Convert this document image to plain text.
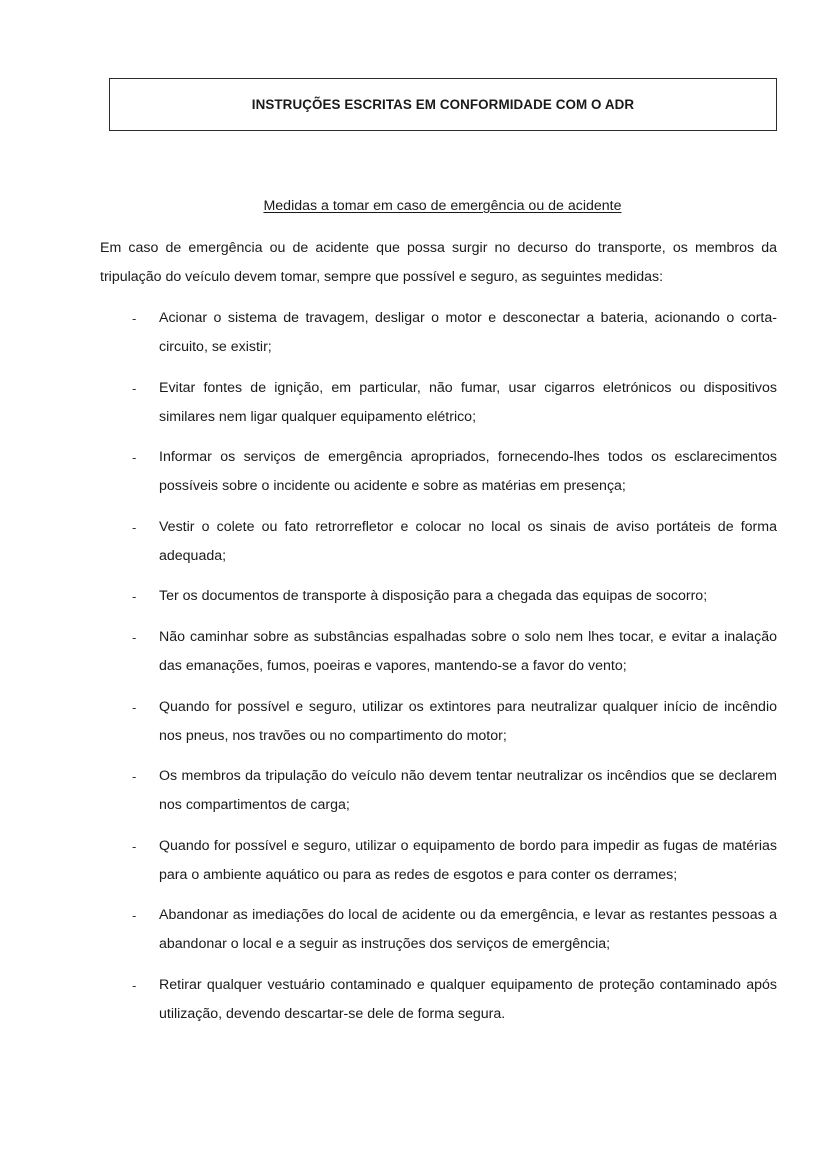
INSTRUÇÕES ESCRITAS EM CONFORMIDADE COM O ADR
Medidas a tomar em caso de emergência ou de acidente

Em caso de emergência ou de acidente que possa surgir no decurso do transporte, os membros da tripulação do veículo devem tomar, sempre que possível e seguro, as seguintes medidas:

- Acionar o sistema de travagem, desligar o motor e desconectar a bateria, acionando o corta-circuito, se existir;
- Evitar fontes de ignição, em particular, não fumar, usar cigarros eletrónicos ou dispositivos similares nem ligar qualquer equipamento elétrico;
- Informar os serviços de emergência apropriados, fornecendo-lhes todos os esclarecimentos possíveis sobre o incidente ou acidente e sobre as matérias em presença;
- Vestir o colete ou fato retrorrefletor e colocar no local os sinais de aviso portáteis de forma adequada;
- Ter os documentos de transporte à disposição para a chegada das equipas de socorro;
- Não caminhar sobre as substâncias espalhadas sobre o solo nem lhes tocar, e evitar a inalação das emanações, fumos, poeiras e vapores, mantendo-se a favor do vento;
- Quando for possível e seguro, utilizar os extintores para neutralizar qualquer início de incêndio nos pneus, nos travões ou no compartimento do motor;
- Os membros da tripulação do veículo não devem tentar neutralizar os incêndios que se declarem nos compartimentos de carga;
- Quando for possível e seguro, utilizar o equipamento de bordo para impedir as fugas de matérias para o ambiente aquático ou para as redes de esgotos e para conter os derrames;
- Abandonar as imediações do local de acidente ou da emergência, e levar as restantes pessoas a abandonar o local e a seguir as instruções dos serviços de emergência;
- Retirar qualquer vestuário contaminado e qualquer equipamento de proteção contaminado após utilização, devendo descartar-se dele de forma segura.
